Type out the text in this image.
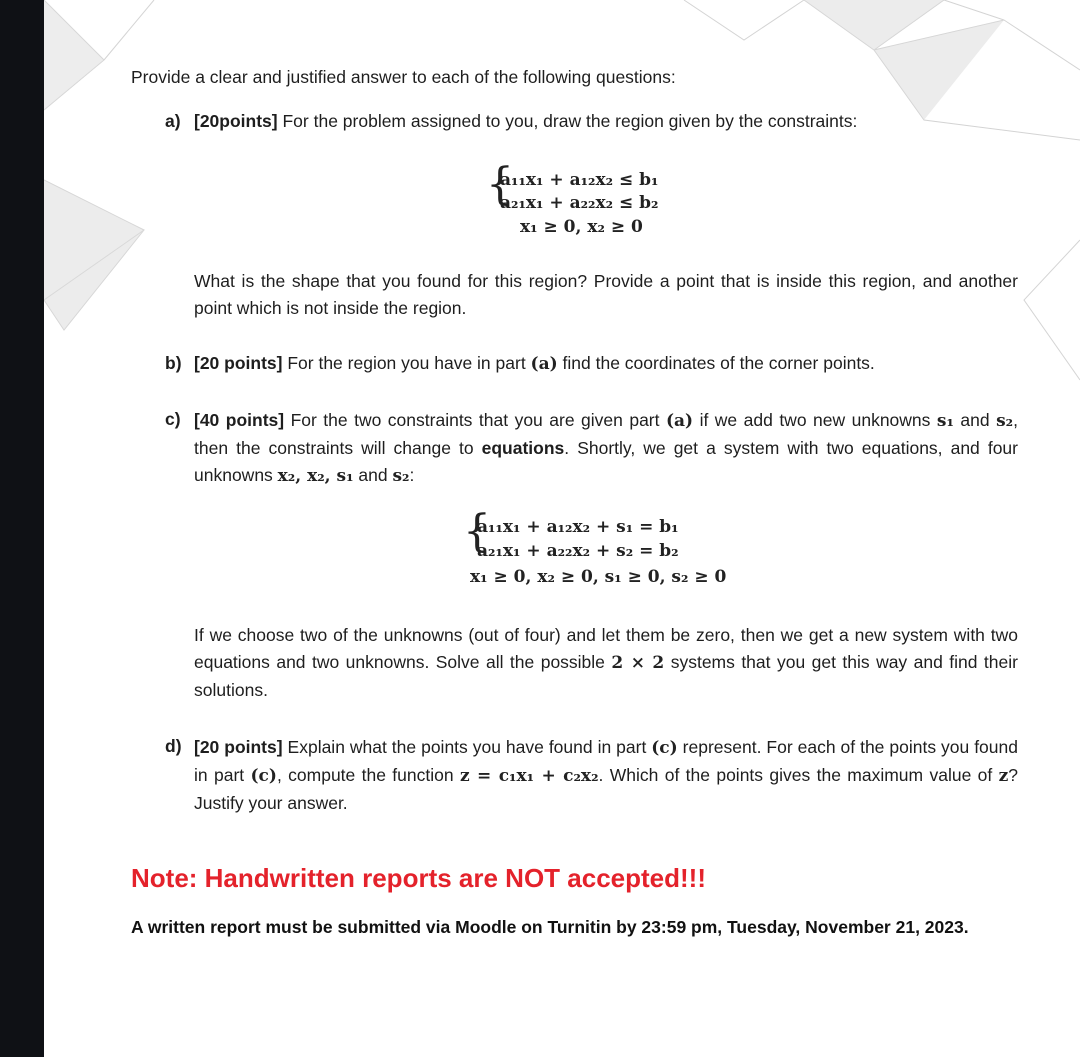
Provide a clear and justified answer to each of the following questions:
a) [20points] For the problem assigned to you, draw the region given by the constraints:
{
a₁₁x₁ + a₁₂x₂ ≤ b₁
a₂₁x₁ + a₂₂x₂ ≤ b₂
x₁ ≥ 0, x₂ ≥ 0
What is the shape that you found for this region? Provide a point that is inside this region, and another point which is not inside the region.
b) [20 points] For the region you have in part (a) find the coordinates of the corner points.
c) [40 points] For the two constraints that you are given part (a) if we add two new unknowns s₁ and s₂, then the constraints will change to equations. Shortly, we get a system with two equations, and four unknowns x₂, x₂, s₁ and s₂:
{
a₁₁x₁ + a₁₂x₂ + s₁ = b₁
a₂₁x₁ + a₂₂x₂ + s₂ = b₂
x₁ ≥ 0, x₂ ≥ 0, s₁ ≥ 0, s₂ ≥ 0
If we choose two of the unknowns (out of four) and let them be zero, then we get a new system with two equations and two unknowns. Solve all the possible 2 × 2 systems that you get this way and find their solutions.
d) [20 points] Explain what the points you have found in part (c) represent. For each of the points you found in part (c), compute the function z = c₁x₁ + c₂x₂. Which of the points gives the maximum value of z? Justify your answer.
Note: Handwritten reports are NOT accepted!!!
A written report must be submitted via Moodle on Turnitin by 23:59 pm, Tuesday, November 21, 2023.
